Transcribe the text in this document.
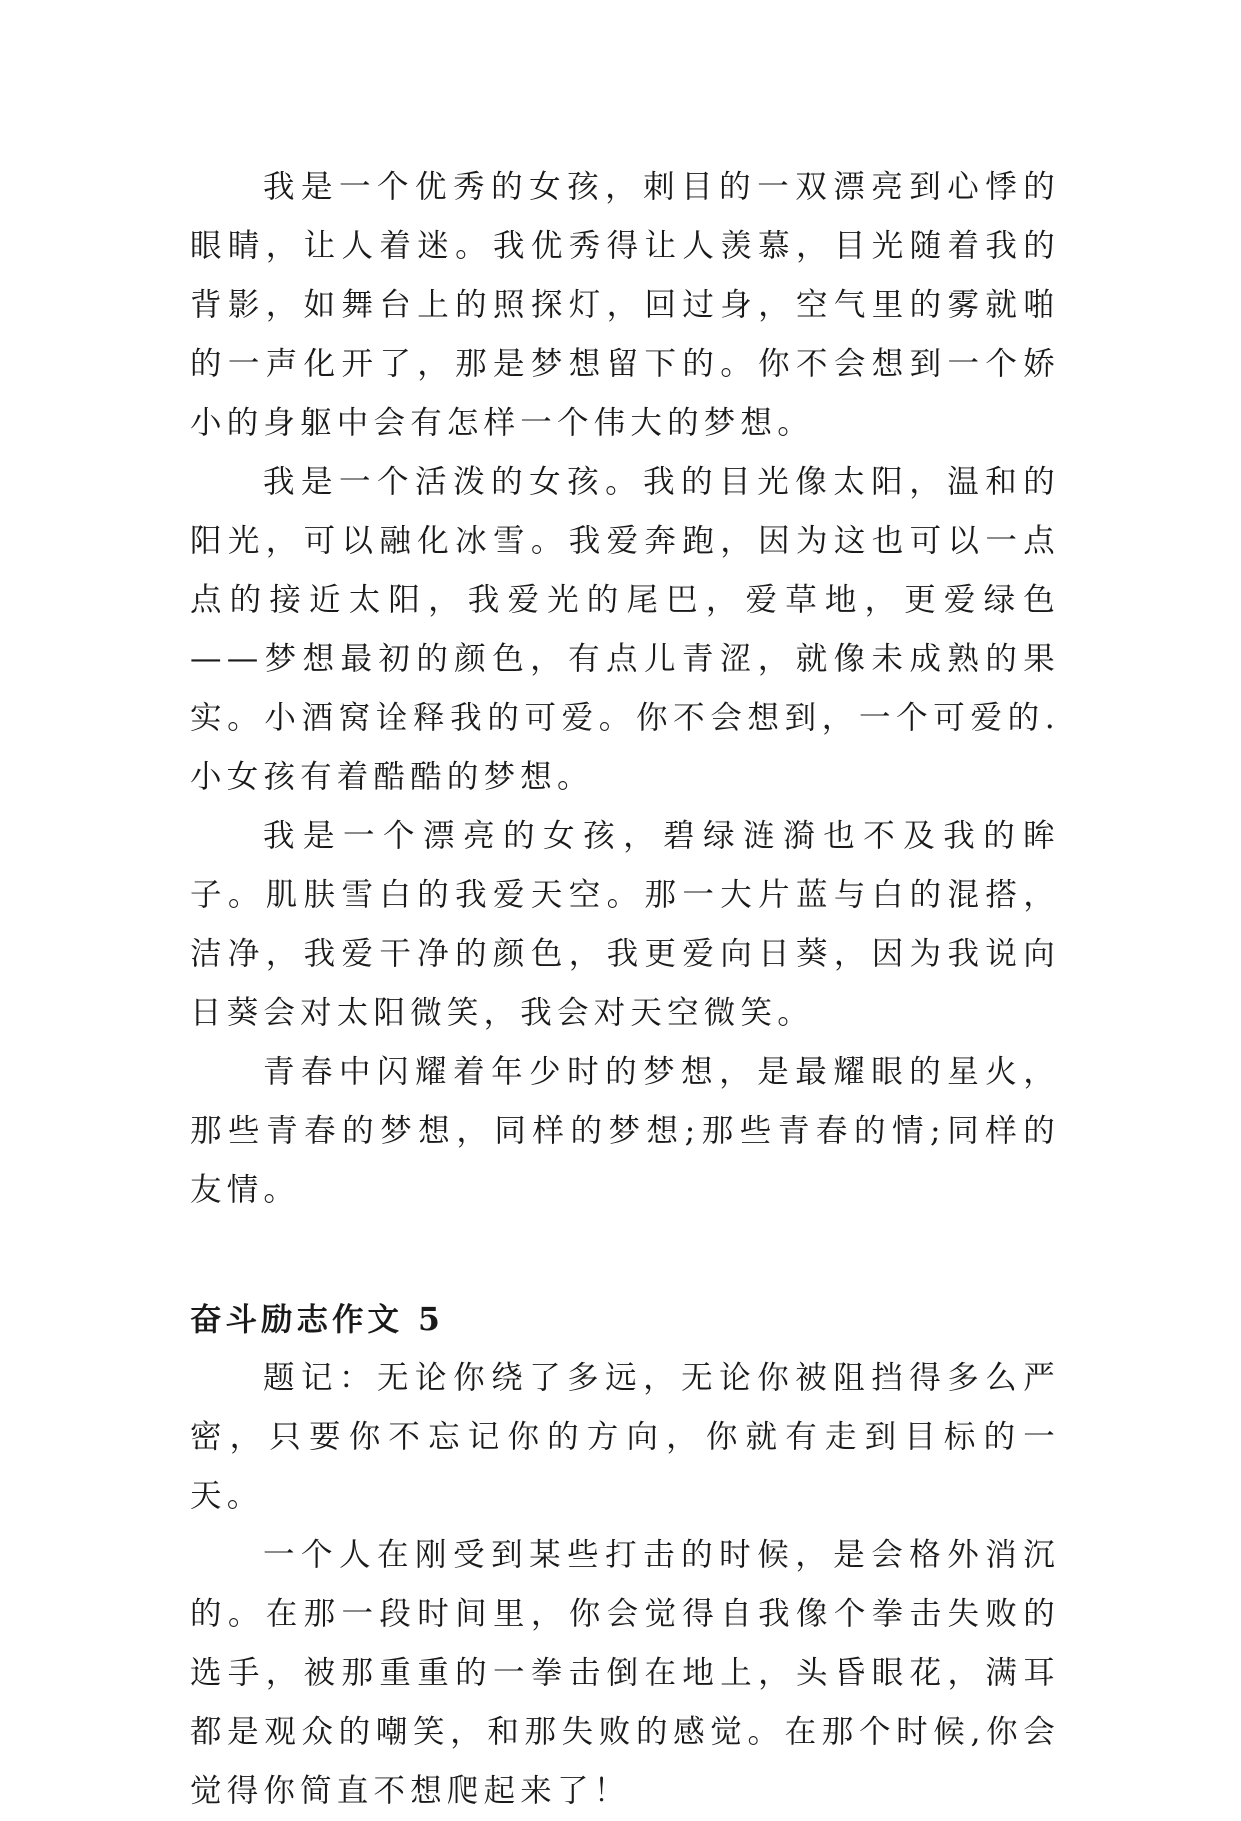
我是一个优秀的女孩，刺目的一双漂亮到心悸的眼睛，让人着迷。我优秀得让人羡慕，目光随着我的背影，如舞台上的照探灯，回过身，空气里的雾就啪的一声化开了，那是梦想留下的。你不会想到一个娇小的身躯中会有怎样一个伟大的梦想。

我是一个活泼的女孩。我的目光像太阳，温和的阳光，可以融化冰雪。我爱奔跑，因为这也可以一点点的接近太阳，我爱光的尾巴，爱草地，更爱绿色——梦想最初的颜色，有点儿青涩，就像未成熟的果实。小酒窝诠释我的可爱。你不会想到，一个可爱的.小女孩有着酷酷的梦想。

我是一个漂亮的女孩，碧绿涟漪也不及我的眸子。肌肤雪白的我爱天空。那一大片蓝与白的混搭，洁净，我爱干净的颜色，我更爱向日葵，因为我说向日葵会对太阳微笑，我会对天空微笑。

青春中闪耀着年少时的梦想，是最耀眼的星火，那些青春的梦想，同样的梦想;那些青春的情;同样的友情。

奋斗励志作文 5

题记：无论你绕了多远，无论你被阻挡得多么严密，只要你不忘记你的方向，你就有走到目标的一天。

一个人在刚受到某些打击的时候，是会格外消沉的。在那一段时间里，你会觉得自我像个拳击失败的选手，被那重重的一拳击倒在地上，头昏眼花，满耳都是观众的嘲笑，和那失败的感觉。在那个时候,你会觉得你简直不想爬起来了！
